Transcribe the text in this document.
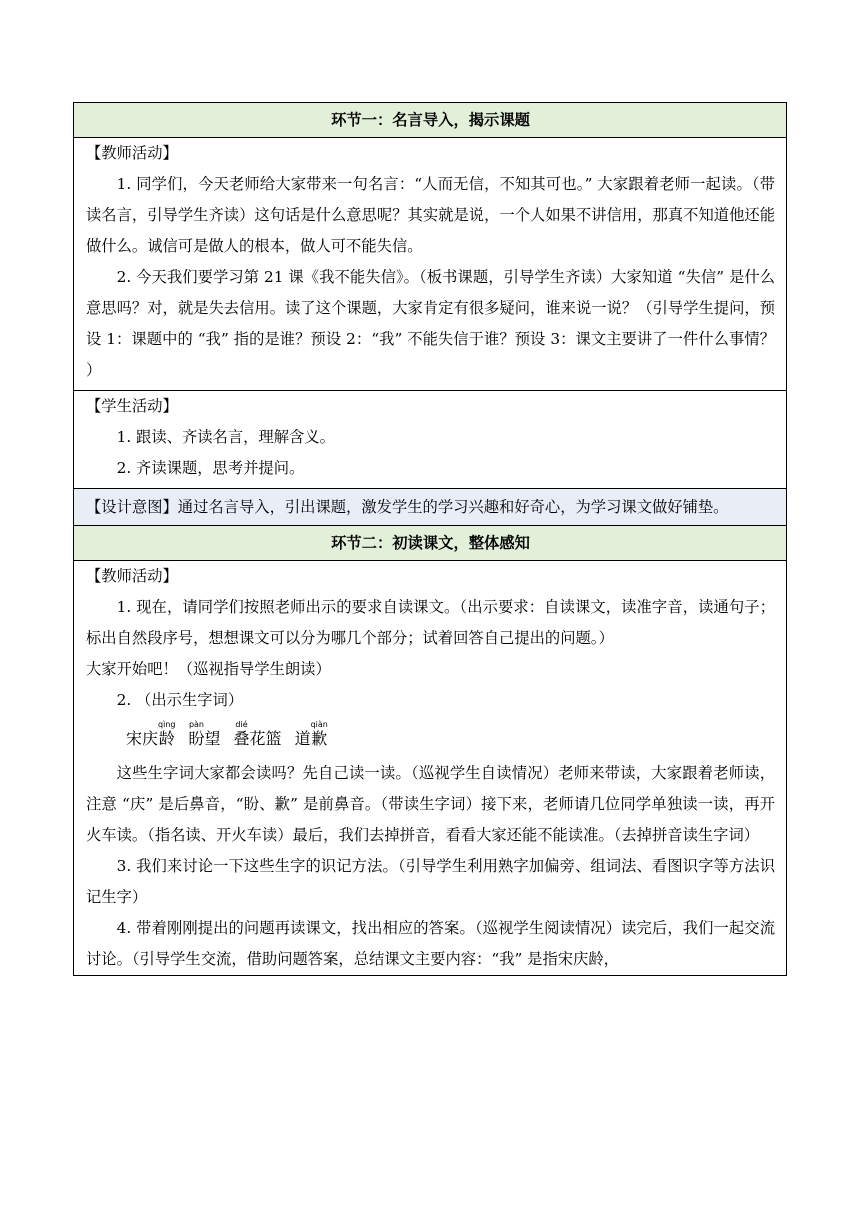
环节一：名言导入，揭示课题

【教师活动】

1. 同学们，今天老师给大家带来一句名言：“人而无信，不知其可也。” 大家跟着老师一起读。（带读名言，引导学生齐读）这句话是什么意思呢？其实就是说，一个人如果不讲信用，那真不知道他还能做什么。诚信可是做人的根本，做人可不能失信。

2. 今天我们要学习第 21 课《我不能失信》。（板书课题，引导学生齐读）大家知道 “失信” 是什么意思吗？对，就是失去信用。读了这个课题，大家肯定有很多疑问，谁来说一说？（引导学生提问，预设 1：课题中的 “我” 指的是谁？预设 2：“我” 不能失信于谁？预设 3：课文主要讲了一件什么事情？ ）

【学生活动】

1. 跟读、齐读名言，理解含义。

2. 齐读课题，思考并提问。

【设计意图】通过名言导入，引出课题，激发学生的学习兴趣和好奇心，为学习课文做好铺垫。

环节二：初读课文，整体感知

【教师活动】

1. 现在，请同学们按照老师出示的要求自读课文。（出示要求：自读课文，读准字音，读通句子；标出自然段序号，想想课文可以分为哪几个部分；试着回答自己提出的问题。）

大家开始吧！（巡视指导学生朗读）

2. （出示生字词）

宋 庆 龄qìng盼pàn望 叠dié花 篮 道 歉qiàn

这些生字词大家都会读吗？先自己读一读。（巡视学生自读情况）老师来带读，大家跟着老师读，注意 “庆” 是后鼻音，“盼、歉” 是前鼻音。（带读生字词）接下来，老师请几位同学单独读一读，再开火车读。（指名读、开火车读）最后，我们去掉拼音，看看大家还能不能读准。（去掉拼音读生字词）

3. 我们来讨论一下这些生字的识记方法。（引导学生利用熟字加偏旁、组词法、看图识字等方法识记生字）

4. 带着刚刚提出的问题再读课文，找出相应的答案。（巡视学生阅读情况）读完后，我们一起交流讨论。（引导学生交流，借助问题答案，总结课文主要内容：“我” 是指宋庆龄，
